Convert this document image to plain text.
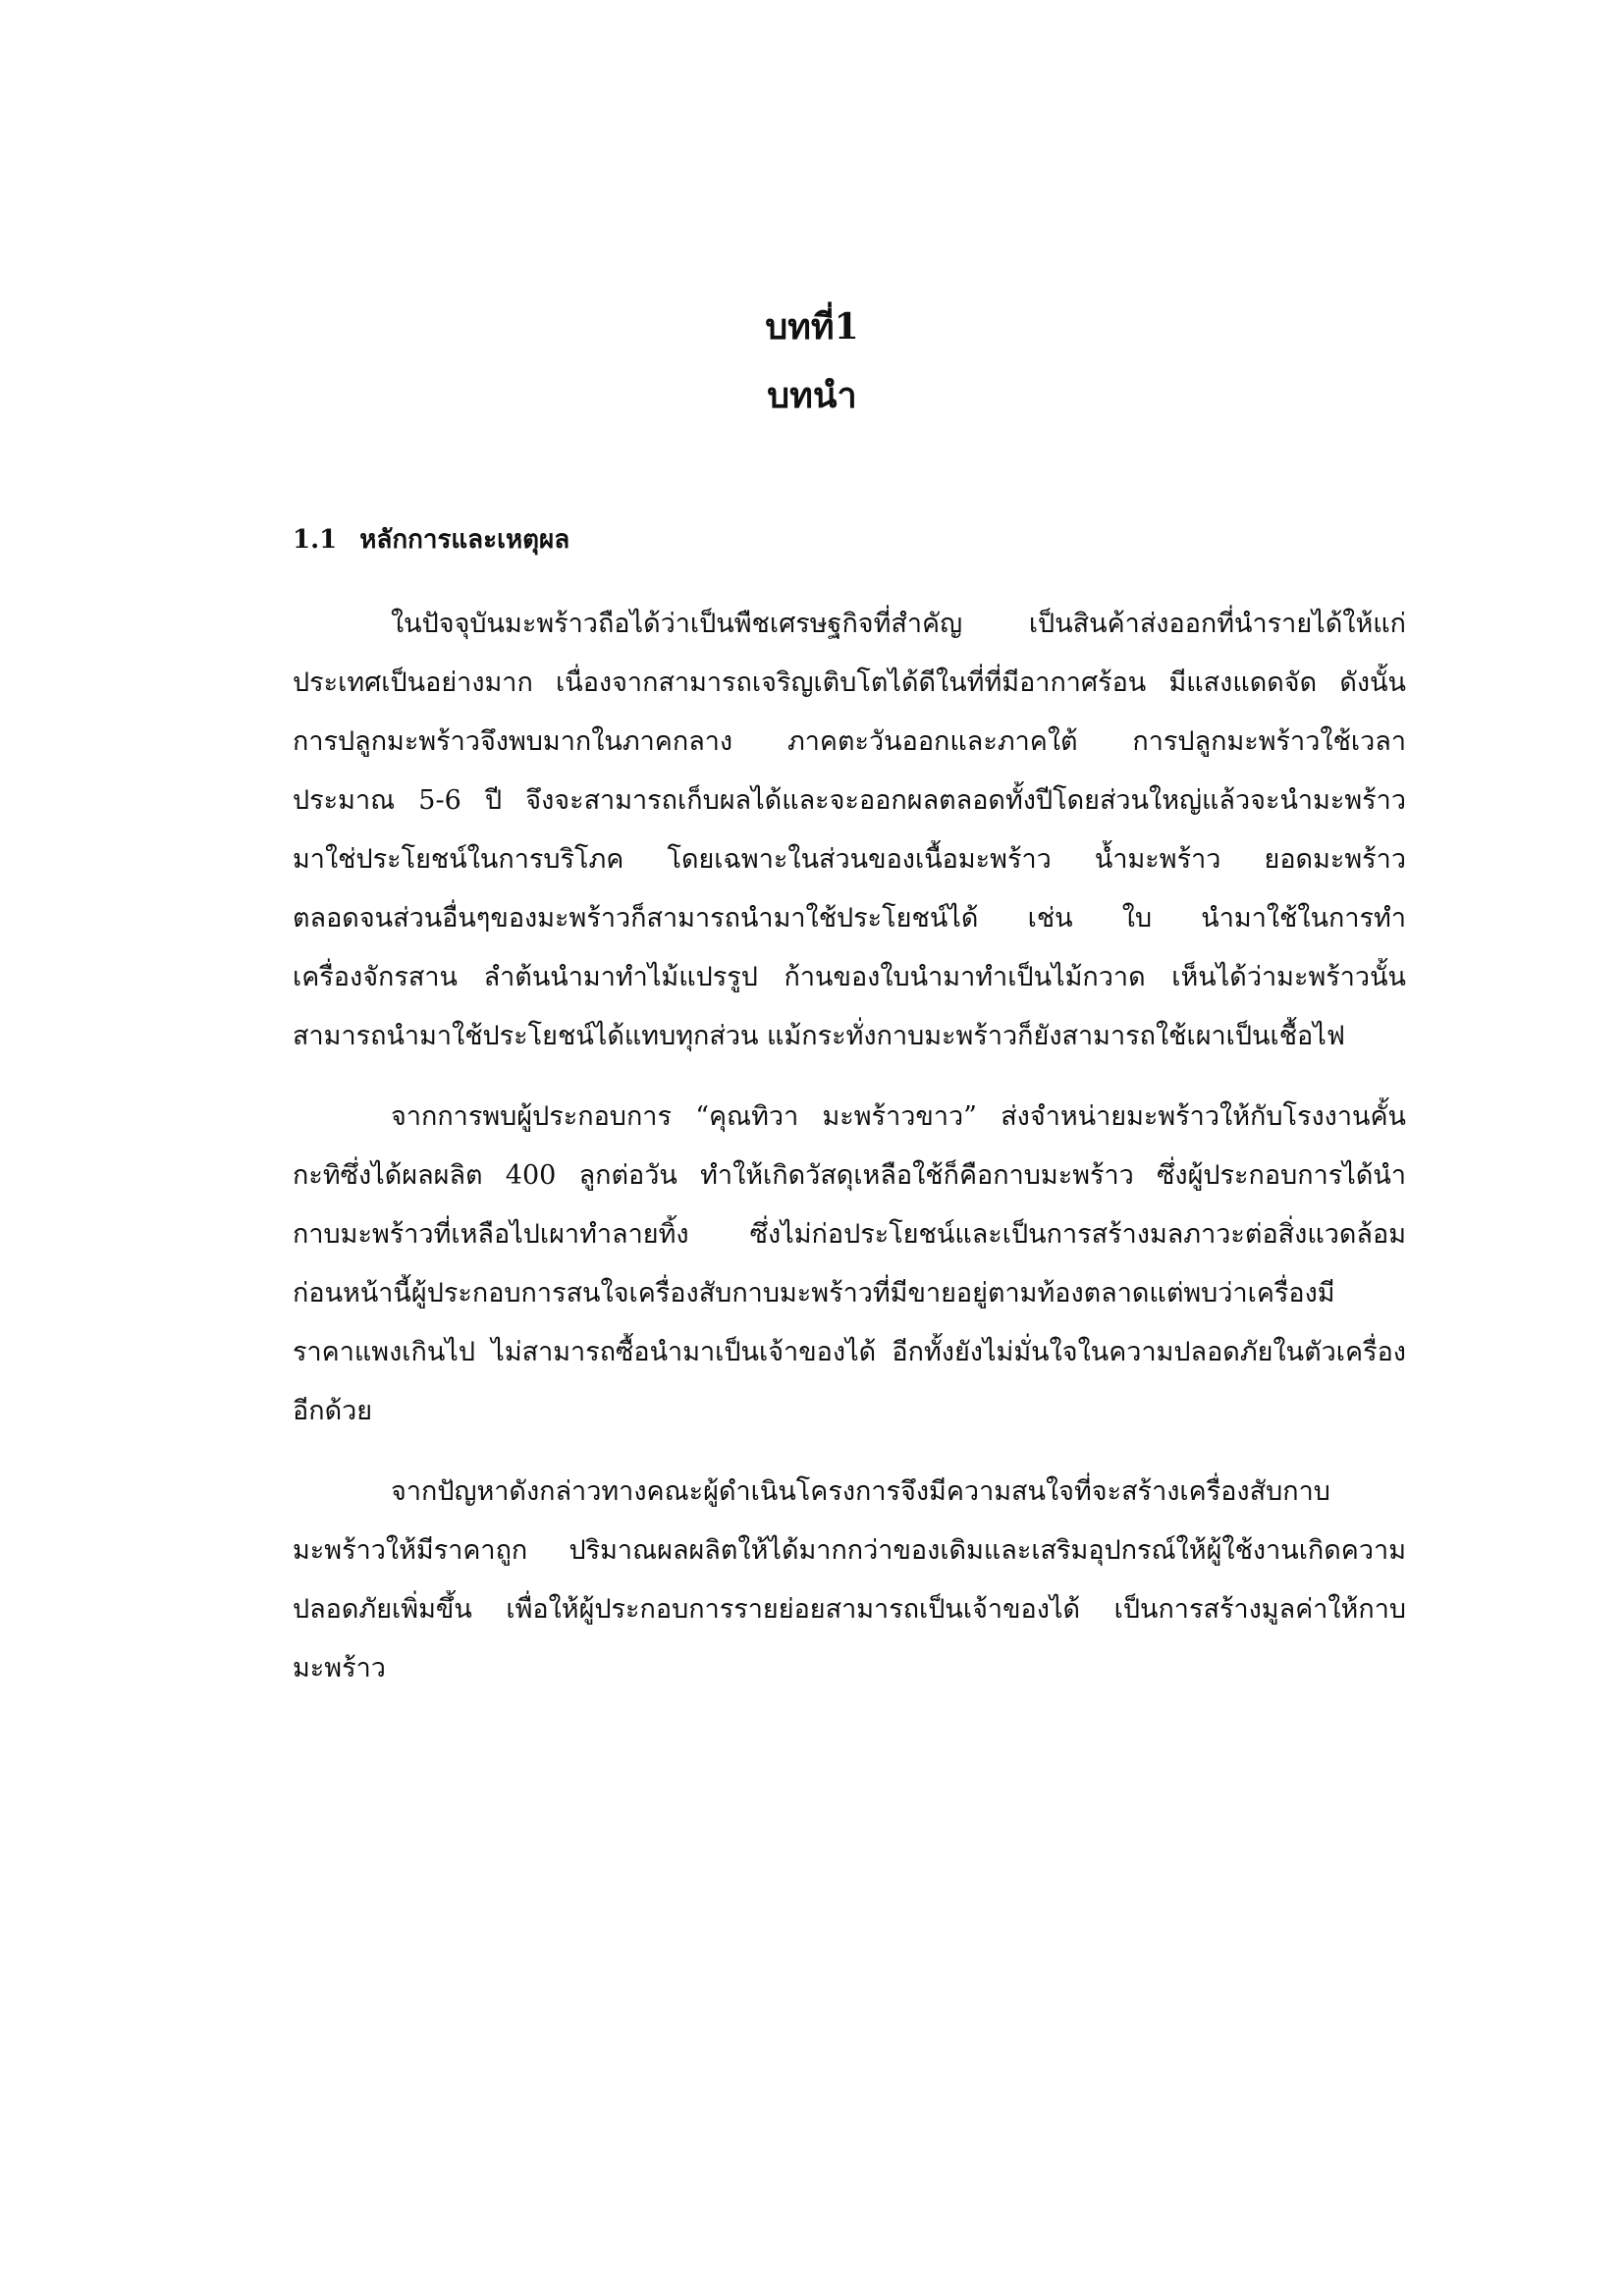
บทที่1
บทนำ
1.1 หลักการและเหตุผล
ในปัจจุบันมะพร้าวถือได้ว่าเป็นพืชเศรษฐกิจที่สำคัญ เป็นสินค้าส่งออกที่นำรายได้ให้แก่
ประเทศเป็นอย่างมาก เนื่องจากสามารถเจริญเติบโตได้ดีในที่ที่มีอากาศร้อน มีแสงแดดจัด ดังนั้น
การปลูกมะพร้าวจึงพบมากในภาคกลาง ภาคตะวันออกและภาคใต้ การปลูกมะพร้าวใช้เวลา
ประมาณ 5-6 ปี จึงจะสามารถเก็บผลได้และจะออกผลตลอดทั้งปีโดยส่วนใหญ่แล้วจะนำมะพร้าว
มาใช่ประโยชน์ในการบริโภค โดยเฉพาะในส่วนของเนื้อมะพร้าว น้ำมะพร้าว ยอดมะพร้าว
ตลอดจนส่วนอื่นๆของมะพร้าวก็สามารถนำมาใช้ประโยชน์ได้ เช่น ใบ นำมาใช้ในการทำ
เครื่องจักรสาน ลำต้นนำมาทำไม้แปรรูป ก้านของใบนำมาทำเป็นไม้กวาด เห็นได้ว่ามะพร้าวนั้น
สามารถนำมาใช้ประโยชน์ได้แทบทุกส่วน แม้กระทั่งกาบมะพร้าวก็ยังสามารถใช้เผาเป็นเชื้อไฟ
จากการพบผู้ประกอบการ “คุณทิวา มะพร้าวขาว” ส่งจำหน่ายมะพร้าวให้กับโรงงานคั้น
กะทิซึ่งได้ผลผลิต 400 ลูกต่อวัน ทำให้เกิดวัสดุเหลือใช้ก็คือกาบมะพร้าว ซึ่งผู้ประกอบการได้นำ
กาบมะพร้าวที่เหลือไปเผาทำลายทิ้ง ซึ่งไม่ก่อประโยชน์และเป็นการสร้างมลภาวะต่อสิ่งแวดล้อม
ก่อนหน้านี้ผู้ประกอบการสนใจเครื่องสับกาบมะพร้าวที่มีขายอยู่ตามท้องตลาดแต่พบว่าเครื่องมี
ราคาแพงเกินไป ไม่สามารถซื้อนำมาเป็นเจ้าของได้ อีกทั้งยังไม่มั่นใจในความปลอดภัยในตัวเครื่อง
อีกด้วย
จากปัญหาดังกล่าวทางคณะผู้ดำเนินโครงการจึงมีความสนใจที่จะสร้างเครื่องสับกาบ
มะพร้าวให้มีราคาถูก ปริมาณผลผลิตให้ได้มากกว่าของเดิมและเสริมอุปกรณ์ให้ผู้ใช้งานเกิดความ
ปลอดภัยเพิ่มขึ้น เพื่อให้ผู้ประกอบการรายย่อยสามารถเป็นเจ้าของได้ เป็นการสร้างมูลค่าให้กาบ
มะพร้าว
